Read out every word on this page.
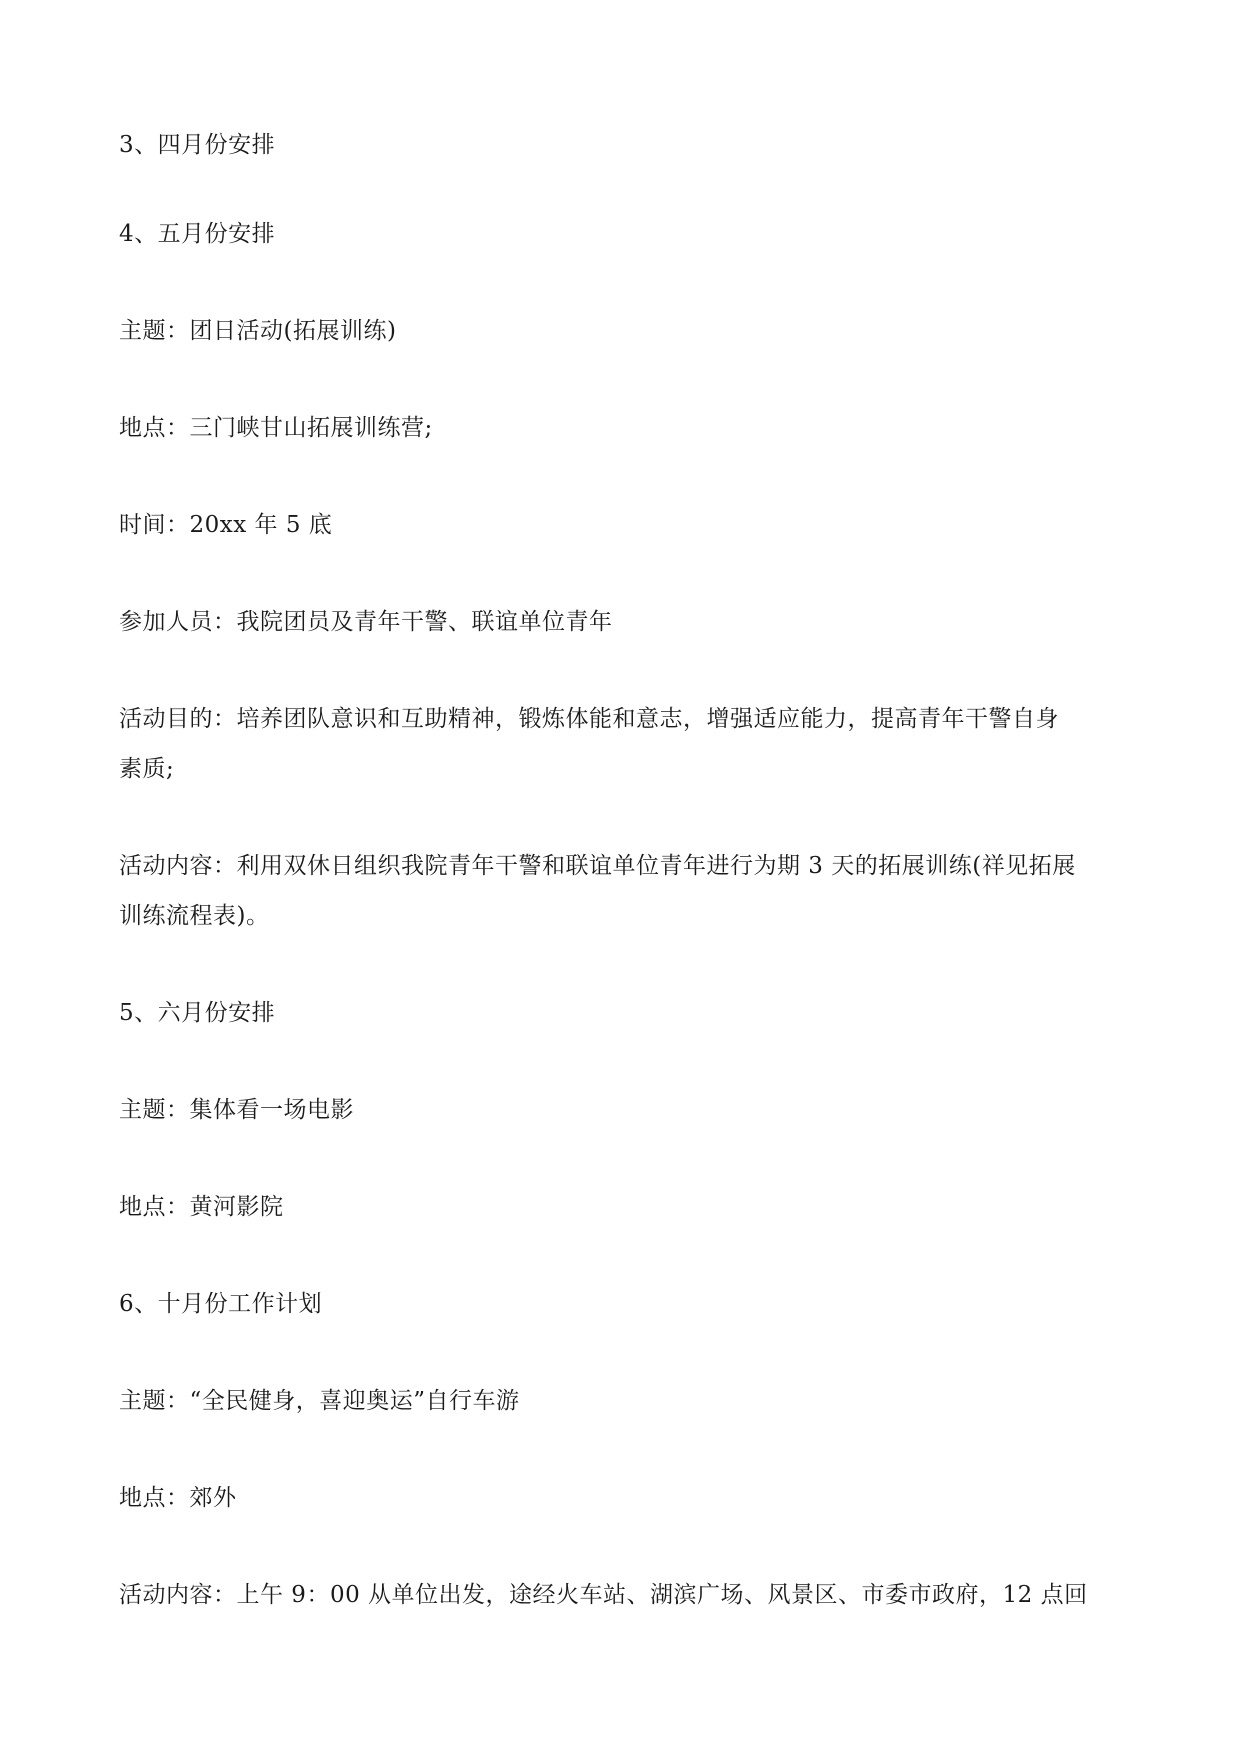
3、四月份安排
4、五月份安排
主题：团日活动(拓展训练)
地点：三门峡甘山拓展训练营;
时间：20xx 年 5 底
参加人员：我院团员及青年干警、联谊单位青年
活动目的：培养团队意识和互助精神，锻炼体能和意志，增强适应能力，提高青年干警自身
素质;
活动内容：利用双休日组织我院青年干警和联谊单位青年进行为期 3 天的拓展训练(祥见拓展
训练流程表)。
5、六月份安排
主题：集体看一场电影
地点：黄河影院
6、十月份工作计划
主题：“全民健身，喜迎奥运”自行车游
地点：郊外
活动内容：上午 9：00 从单位出发，途经火车站、湖滨广场、风景区、市委市政府，12 点回
